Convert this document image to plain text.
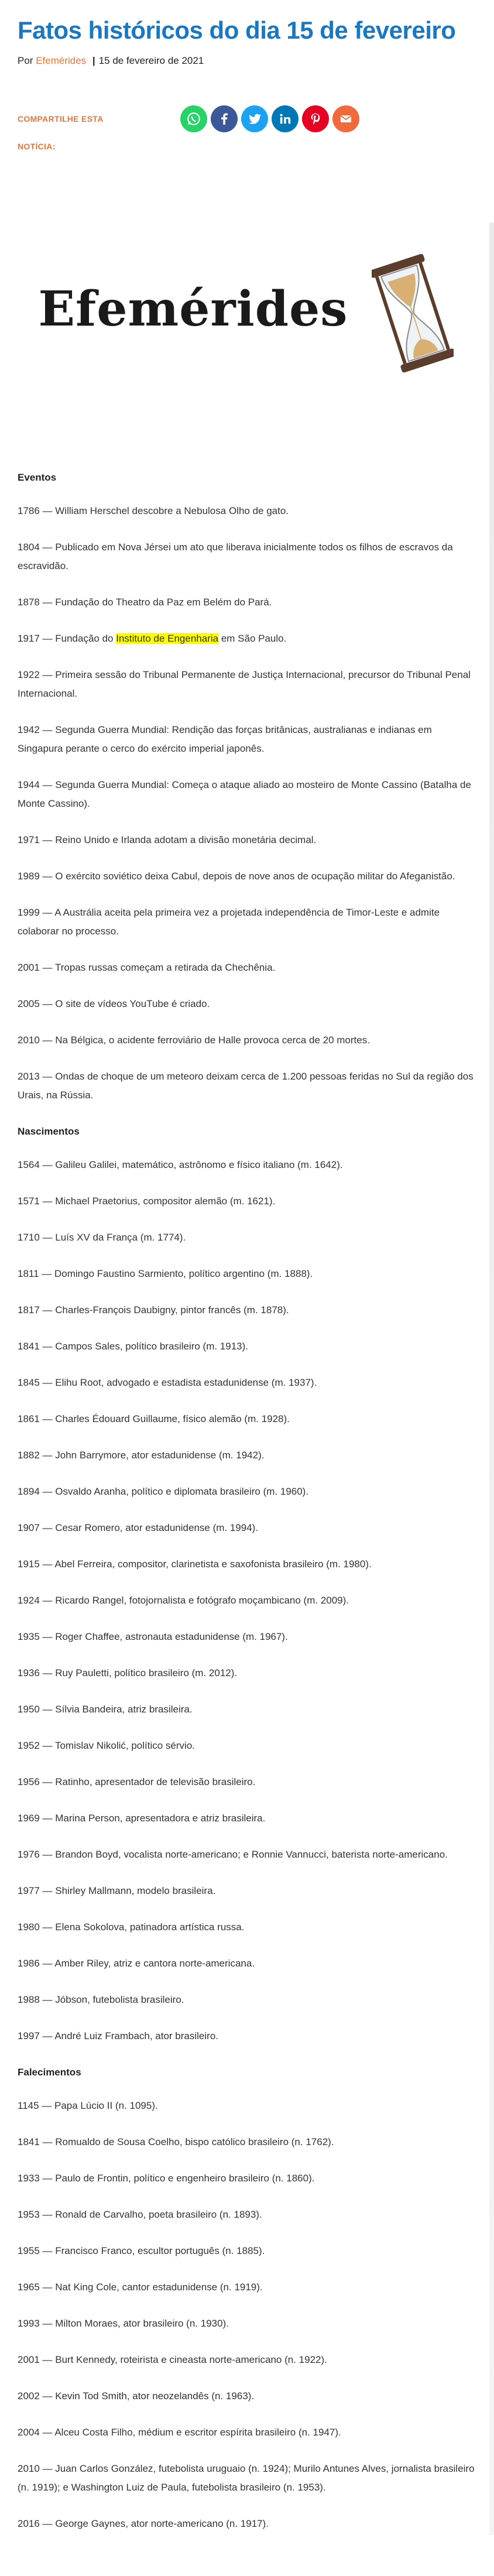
Fatos históricos do dia 15 de fevereiro
Por Efemérides | 15 de fevereiro de 2021
COMPARTILHE ESTA
NOTÍCIA:
Efemérides
Eventos

1786 — William Herschel descobre a Nebulosa Olho de gato.

1804 — Publicado em Nova Jérsei um ato que liberava inicialmente todos os filhos de escravos da escravidão.

1878 — Fundação do Theatro da Paz em Belém do Pará.

1917 — Fundação do Instituto de Engenharia em São Paulo.

1922 — Primeira sessão do Tribunal Permanente de Justiça Internacional, precursor do Tribunal Penal Internacional.

1942 — Segunda Guerra Mundial: Rendição das forças britânicas, australianas e indianas em Singapura perante o cerco do exército imperial japonês.

1944 — Segunda Guerra Mundial: Começa o ataque aliado ao mosteiro de Monte Cassino (Batalha de Monte Cassino).

1971 — Reino Unido e Irlanda adotam a divisão monetária decimal.

1989 — O exército soviético deixa Cabul, depois de nove anos de ocupação militar do Afeganistão.

1999 — A Austrália aceita pela primeira vez a projetada independência de Timor-Leste e admite colaborar no processo.

2001 — Tropas russas começam a retirada da Chechênia.

2005 — O site de vídeos YouTube é criado.

2010 — Na Bélgica, o acidente ferroviário de Halle provoca cerca de 20 mortes.

2013 — Ondas de choque de um meteoro deixam cerca de 1.200 pessoas feridas no Sul da região dos Urais, na Rússia.

Nascimentos

1564 — Galileu Galilei, matemático, astrônomo e físico italiano (m. 1642).

1571 — Michael Praetorius, compositor alemão (m. 1621).

1710 — Luís XV da França (m. 1774).

1811 — Domingo Faustino Sarmiento, político argentino (m. 1888).

1817 — Charles-François Daubigny, pintor francês (m. 1878).

1841 — Campos Sales, político brasileiro (m. 1913).

1845 — Elihu Root, advogado e estadista estadunidense (m. 1937).

1861 — Charles Édouard Guillaume, físico alemão (m. 1928).

1882 — John Barrymore, ator estadunidense (m. 1942).

1894 — Osvaldo Aranha, político e diplomata brasileiro (m. 1960).

1907 — Cesar Romero, ator estadunidense (m. 1994).

1915 — Abel Ferreira, compositor, clarinetista e saxofonista brasileiro (m. 1980).

1924 — Ricardo Rangel, fotojornalista e fotógrafo moçambicano (m. 2009).

1935 — Roger Chaffee, astronauta estadunidense (m. 1967).

1936 — Ruy Pauletti, político brasileiro (m. 2012).

1950 — Sílvia Bandeira, atriz brasileira.

1952 — Tomislav Nikolić, político sérvio.

1956 — Ratinho, apresentador de televisão brasileiro.

1969 — Marina Person, apresentadora e atriz brasileira.

1976 — Brandon Boyd, vocalista norte-americano; e Ronnie Vannucci, baterista norte-americano.

1977 — Shirley Mallmann, modelo brasileira.

1980 — Elena Sokolova, patinadora artística russa.

1986 — Amber Riley, atriz e cantora norte-americana.

1988 — Jóbson, futebolista brasileiro.

1997 — André Luiz Frambach, ator brasileiro.

Falecimentos

1145 — Papa Lúcio II (n. 1095).

1841 — Romualdo de Sousa Coelho, bispo católico brasileiro (n. 1762).

1933 — Paulo de Frontin, político e engenheiro brasileiro (n. 1860).

1953 — Ronald de Carvalho, poeta brasileiro (n. 1893).

1955 — Francisco Franco, escultor português (n. 1885).

1965 — Nat King Cole, cantor estadunidense (n. 1919).

1993 — Milton Moraes, ator brasileiro (n. 1930).

2001 — Burt Kennedy, roteirista e cineasta norte-americano (n. 1922).

2002 — Kevin Tod Smith, ator neozelandês (n. 1963).

2004 — Alceu Costa Filho, médium e escritor espírita brasileiro (n. 1947).

2010 — Juan Carlos González, futebolista uruguaio (n. 1924); Murilo Antunes Alves, jornalista brasileiro (n. 1919); e Washington Luiz de Paula, futebolista brasileiro (n. 1953).

2016 — George Gaynes, ator norte-americano (n. 1917).
